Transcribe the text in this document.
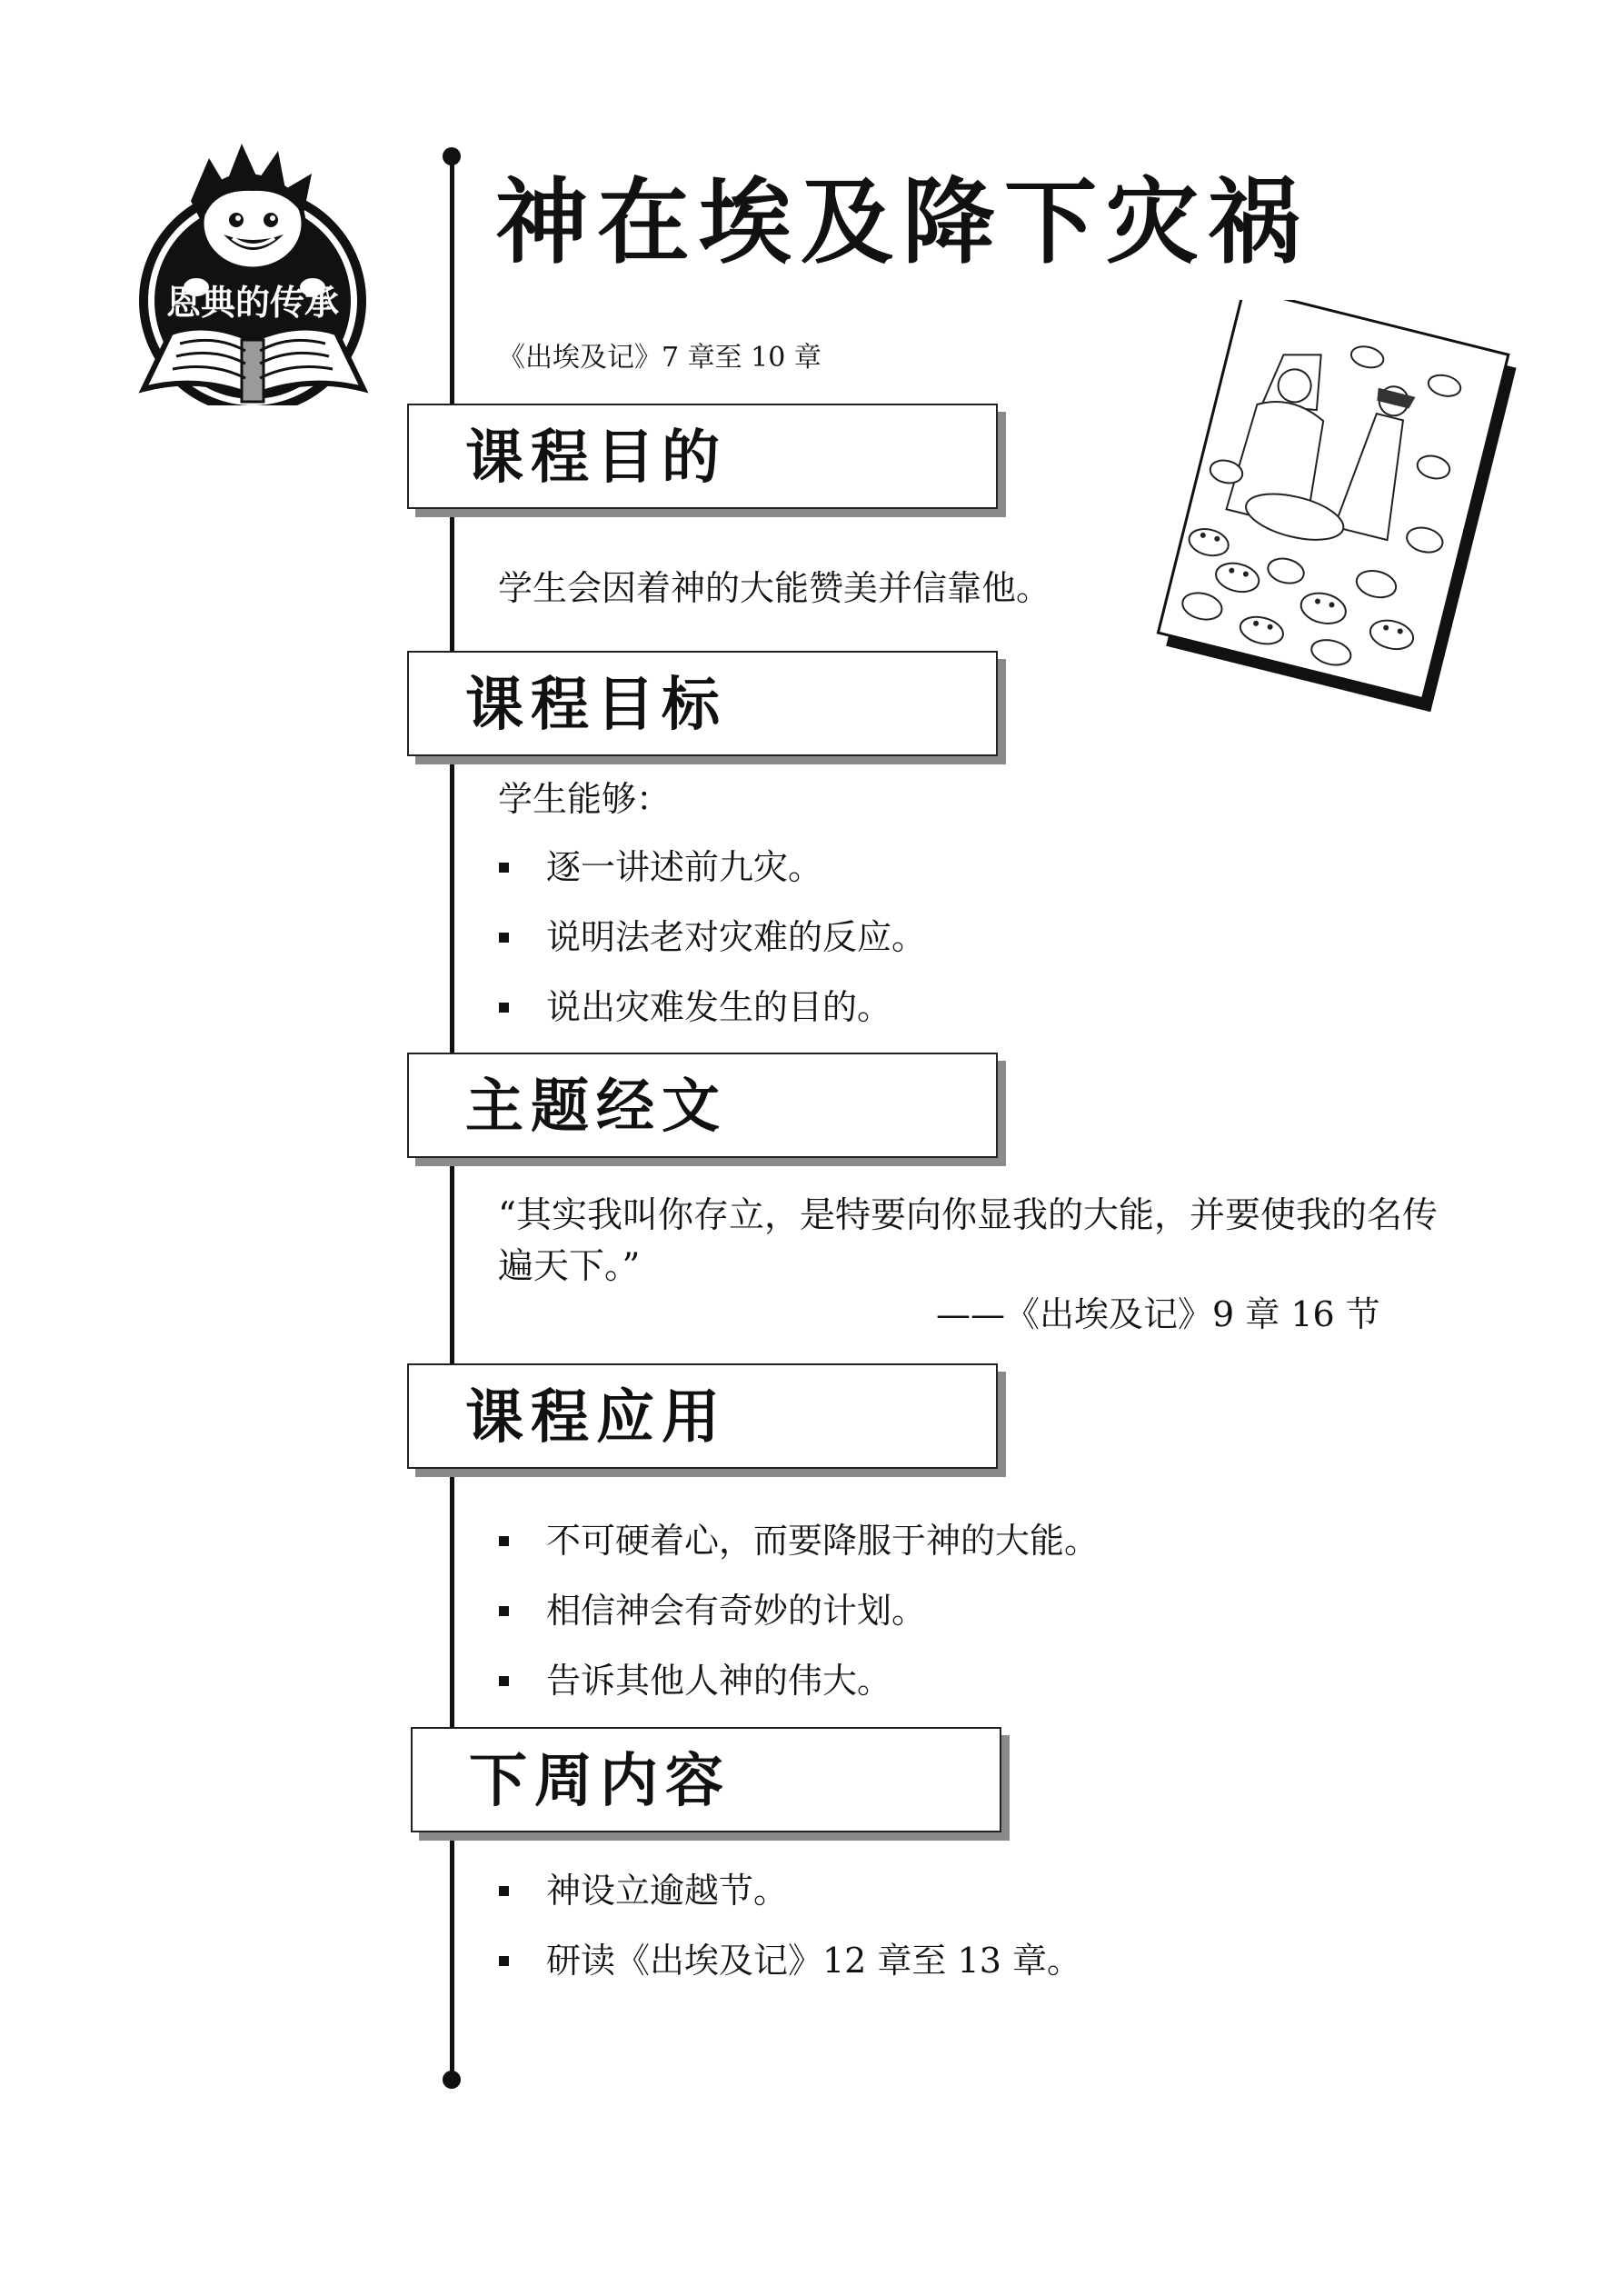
恩典的传承
神在埃及降下灾祸
《出埃及记》7 章至 10 章
课程目的
学生会因着神的大能赞美并信靠他。
课程目标
学生能够：
逐一讲述前九灾。
说明法老对灾难的反应。
说出灾难发生的目的。
主题经文
“其实我叫你存立，是特要向你显我的大能，并要使我的名传遍天下。”
——《出埃及记》9 章 16 节
课程应用
不可硬着心，而要降服于神的大能。
相信神会有奇妙的计划。
告诉其他人神的伟大。
下周内容
神设立逾越节。
研读《出埃及记》12 章至 13 章。
